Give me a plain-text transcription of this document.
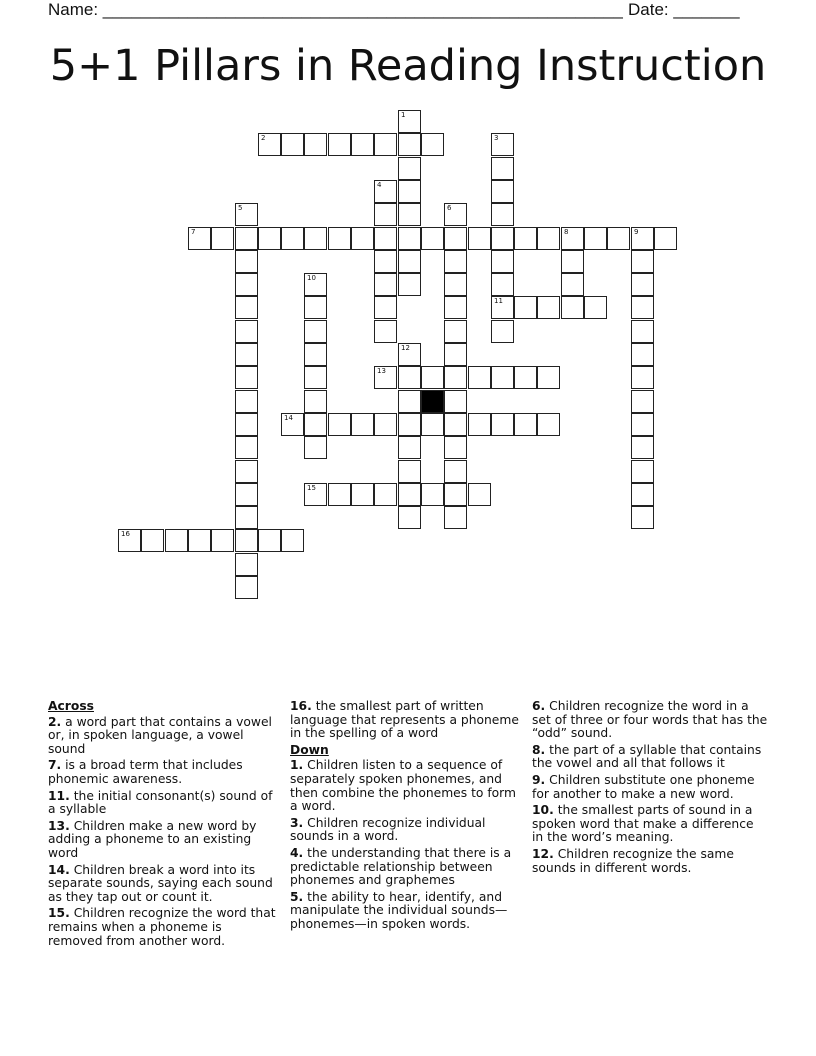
Name: _______________________________________________________ Date: _______
5+1 Pillars in Reading Instruction
1
2	3
11
4
5	6
7	8	9
10
12
13
14
15
16
Across
2. a word part that contains a vowel or, in spoken language, a vowel sound
7. is a broad term that includes phonemic awareness.
11. the initial consonant(s) sound of a syllable
13. Children make a new word by adding a phoneme to an existing word
14. Children break a word into its separate sounds, saying each sound as they tap out or count it.
15. Children recognize the word that remains when a phoneme is removed from another word.
16. the smallest part of written language that represents a phoneme in the spelling of a word
Down
1. Children listen to a sequence of separately spoken phonemes, and then combine the phonemes to form a word.
3. Children recognize individual sounds in a word.
4. the understanding that there is a predictable relationship between phonemes and graphemes
5. the ability to hear, identify, and manipulate the individual sounds—phonemes—in spoken words.
6. Children recognize the word in a set of three or four words that has the “odd” sound.
8. the part of a syllable that contains the vowel and all that follows it
9. Children substitute one phoneme for another to make a new word.
10. the smallest parts of sound in a spoken word that make a difference in the word’s meaning.
12. Children recognize the same sounds in different words.
